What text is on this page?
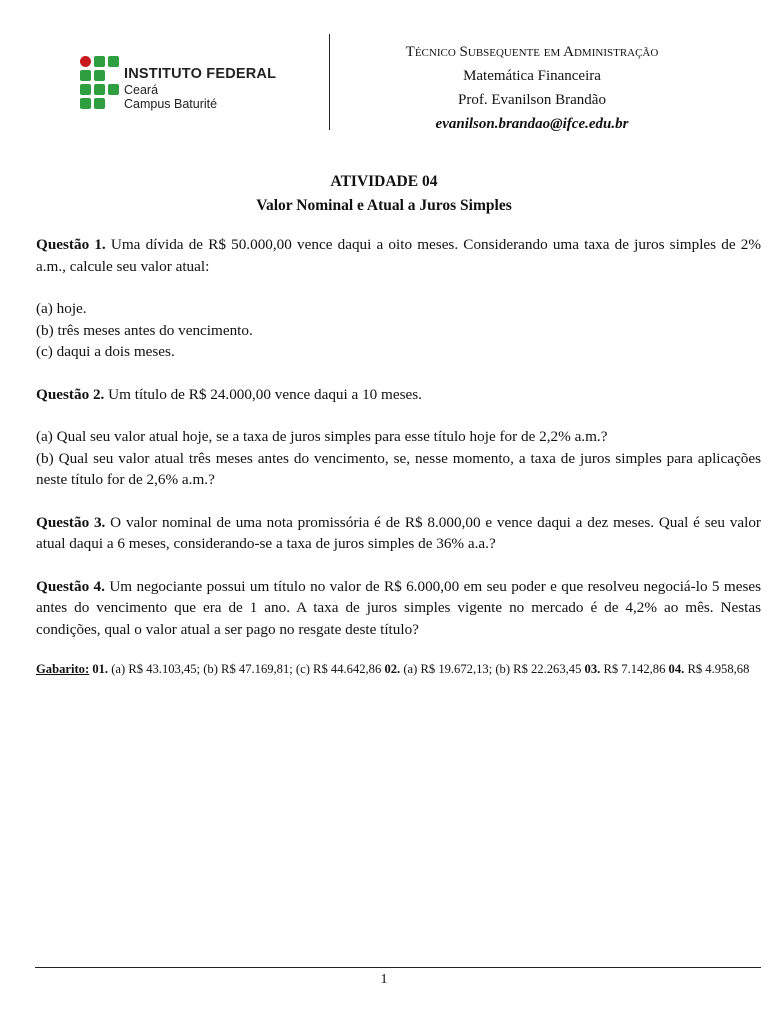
INSTITUTO FEDERAL
Ceará
Campus Baturité
Técnico Subsequente em Administração
Matemática Financeira
Prof. Evanilson Brandão
evanilson.brandao@ifce.edu.br
ATIVIDADE 04
Valor Nominal e Atual a Juros Simples

Questão 1. Uma dívida de R$ 50.000,00 vence daqui a oito meses. Considerando uma taxa de juros simples de 2% a.m., calcule seu valor atual:

(a) hoje.

(b) três meses antes do vencimento.

(c) daqui a dois meses.

Questão 2. Um título de R$ 24.000,00 vence daqui a 10 meses.

(a) Qual seu valor atual hoje, se a taxa de juros simples para esse título hoje for de 2,2% a.m.?

(b) Qual seu valor atual três meses antes do vencimento, se, nesse momento, a taxa de juros simples para aplicações neste título for de 2,6% a.m.?

Questão 3. O valor nominal de uma nota promissória é de R$ 8.000,00 e vence daqui a dez meses. Qual é seu valor atual daqui a 6 meses, considerando-se a taxa de juros simples de 36% a.a.?

Questão 4. Um negociante possui um título no valor de R$ 6.000,00 em seu poder e que resolveu negociá-lo 5 meses antes do vencimento que era de 1 ano. A taxa de juros simples vigente no mercado é de 4,2% ao mês. Nestas condições, qual o valor atual a ser pago no resgate deste título?

Gabarito: 01. (a) R$ 43.103,45; (b) R$ 47.169,81; (c) R$ 44.642,86 02. (a) R$ 19.672,13; (b) R$ 22.263,45 03. R$ 7.142,86 04. R$ 4.958,68

1
